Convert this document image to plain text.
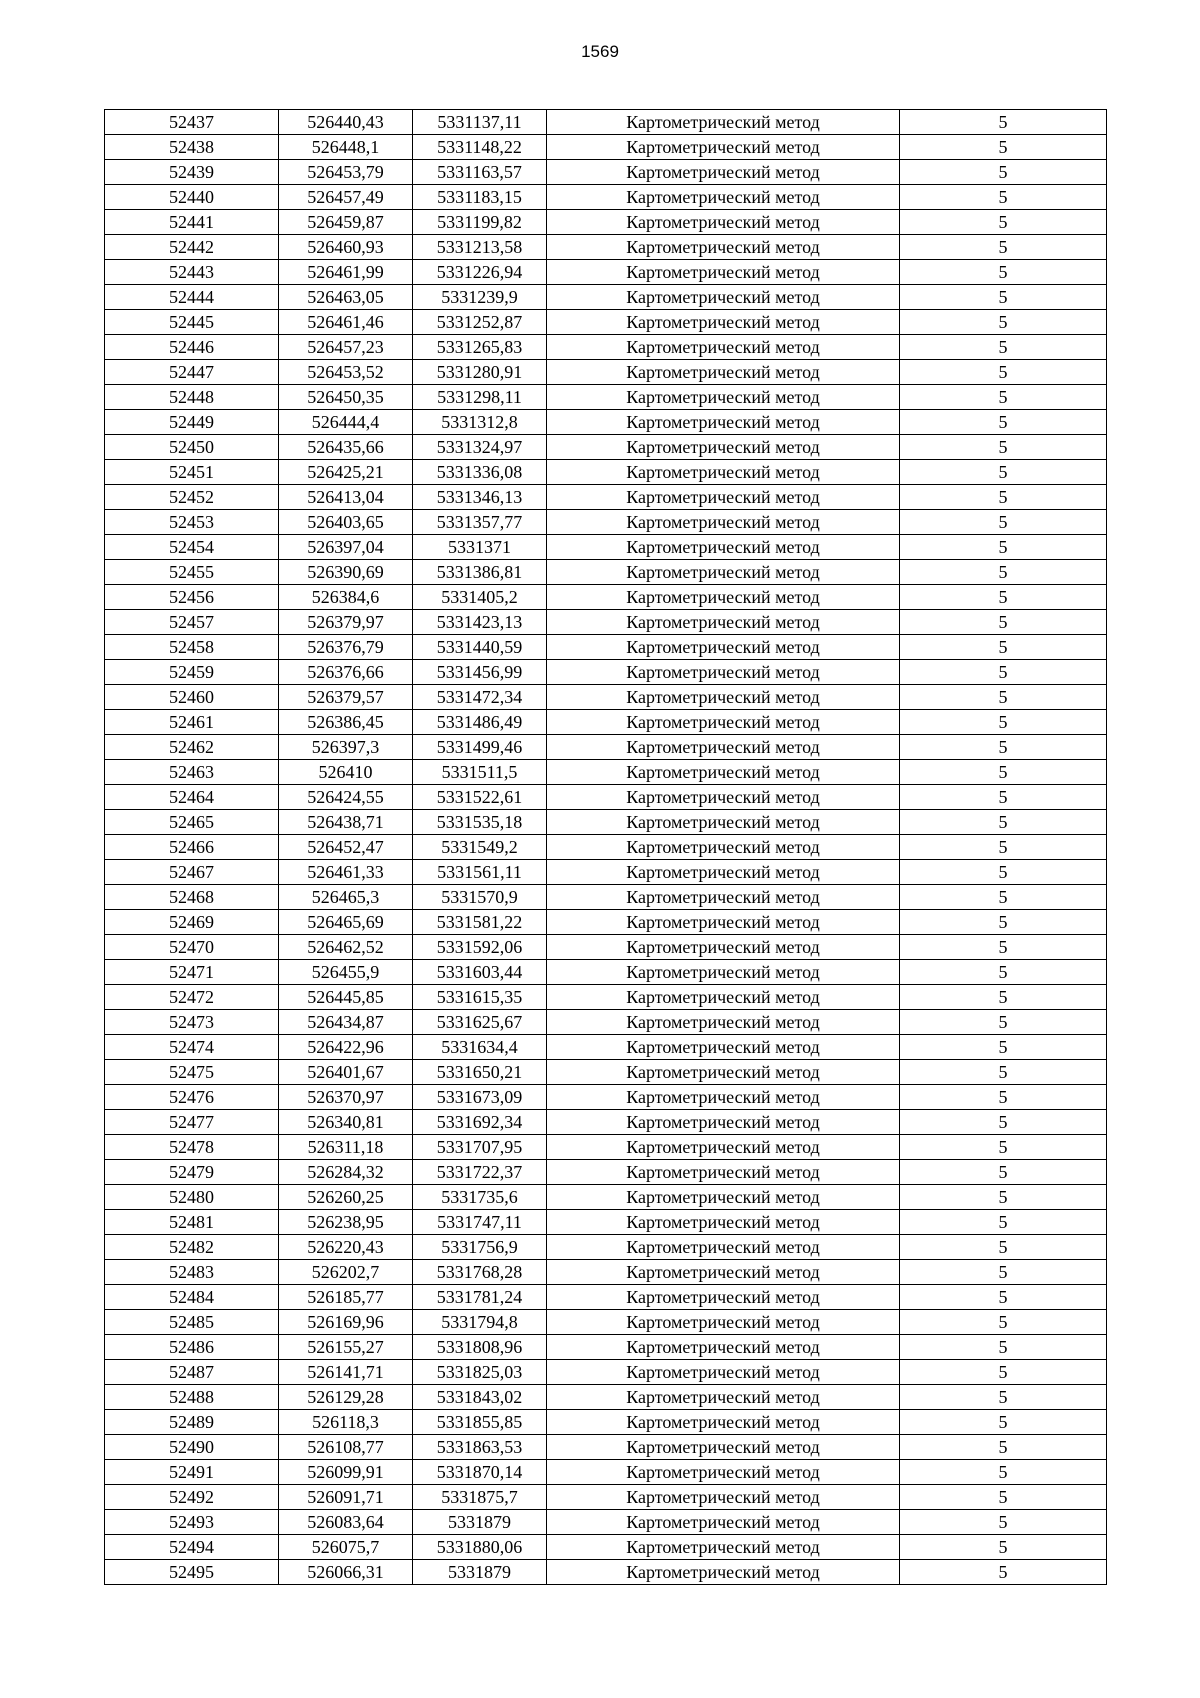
1569
52437	526440,43	5331137,11	Картометрический метод	5
52438	526448,1	5331148,22	Картометрический метод	5
52439	526453,79	5331163,57	Картометрический метод	5
52440	526457,49	5331183,15	Картометрический метод	5
52441	526459,87	5331199,82	Картометрический метод	5
52442	526460,93	5331213,58	Картометрический метод	5
52443	526461,99	5331226,94	Картометрический метод	5
52444	526463,05	5331239,9	Картометрический метод	5
52445	526461,46	5331252,87	Картометрический метод	5
52446	526457,23	5331265,83	Картометрический метод	5
52447	526453,52	5331280,91	Картометрический метод	5
52448	526450,35	5331298,11	Картометрический метод	5
52449	526444,4	5331312,8	Картометрический метод	5
52450	526435,66	5331324,97	Картометрический метод	5
52451	526425,21	5331336,08	Картометрический метод	5
52452	526413,04	5331346,13	Картометрический метод	5
52453	526403,65	5331357,77	Картометрический метод	5
52454	526397,04	5331371	Картометрический метод	5
52455	526390,69	5331386,81	Картометрический метод	5
52456	526384,6	5331405,2	Картометрический метод	5
52457	526379,97	5331423,13	Картометрический метод	5
52458	526376,79	5331440,59	Картометрический метод	5
52459	526376,66	5331456,99	Картометрический метод	5
52460	526379,57	5331472,34	Картометрический метод	5
52461	526386,45	5331486,49	Картометрический метод	5
52462	526397,3	5331499,46	Картометрический метод	5
52463	526410	5331511,5	Картометрический метод	5
52464	526424,55	5331522,61	Картометрический метод	5
52465	526438,71	5331535,18	Картометрический метод	5
52466	526452,47	5331549,2	Картометрический метод	5
52467	526461,33	5331561,11	Картометрический метод	5
52468	526465,3	5331570,9	Картометрический метод	5
52469	526465,69	5331581,22	Картометрический метод	5
52470	526462,52	5331592,06	Картометрический метод	5
52471	526455,9	5331603,44	Картометрический метод	5
52472	526445,85	5331615,35	Картометрический метод	5
52473	526434,87	5331625,67	Картометрический метод	5
52474	526422,96	5331634,4	Картометрический метод	5
52475	526401,67	5331650,21	Картометрический метод	5
52476	526370,97	5331673,09	Картометрический метод	5
52477	526340,81	5331692,34	Картометрический метод	5
52478	526311,18	5331707,95	Картометрический метод	5
52479	526284,32	5331722,37	Картометрический метод	5
52480	526260,25	5331735,6	Картометрический метод	5
52481	526238,95	5331747,11	Картометрический метод	5
52482	526220,43	5331756,9	Картометрический метод	5
52483	526202,7	5331768,28	Картометрический метод	5
52484	526185,77	5331781,24	Картометрический метод	5
52485	526169,96	5331794,8	Картометрический метод	5
52486	526155,27	5331808,96	Картометрический метод	5
52487	526141,71	5331825,03	Картометрический метод	5
52488	526129,28	5331843,02	Картометрический метод	5
52489	526118,3	5331855,85	Картометрический метод	5
52490	526108,77	5331863,53	Картометрический метод	5
52491	526099,91	5331870,14	Картометрический метод	5
52492	526091,71	5331875,7	Картометрический метод	5
52493	526083,64	5331879	Картометрический метод	5
52494	526075,7	5331880,06	Картометрический метод	5
52495	526066,31	5331879	Картометрический метод	5
